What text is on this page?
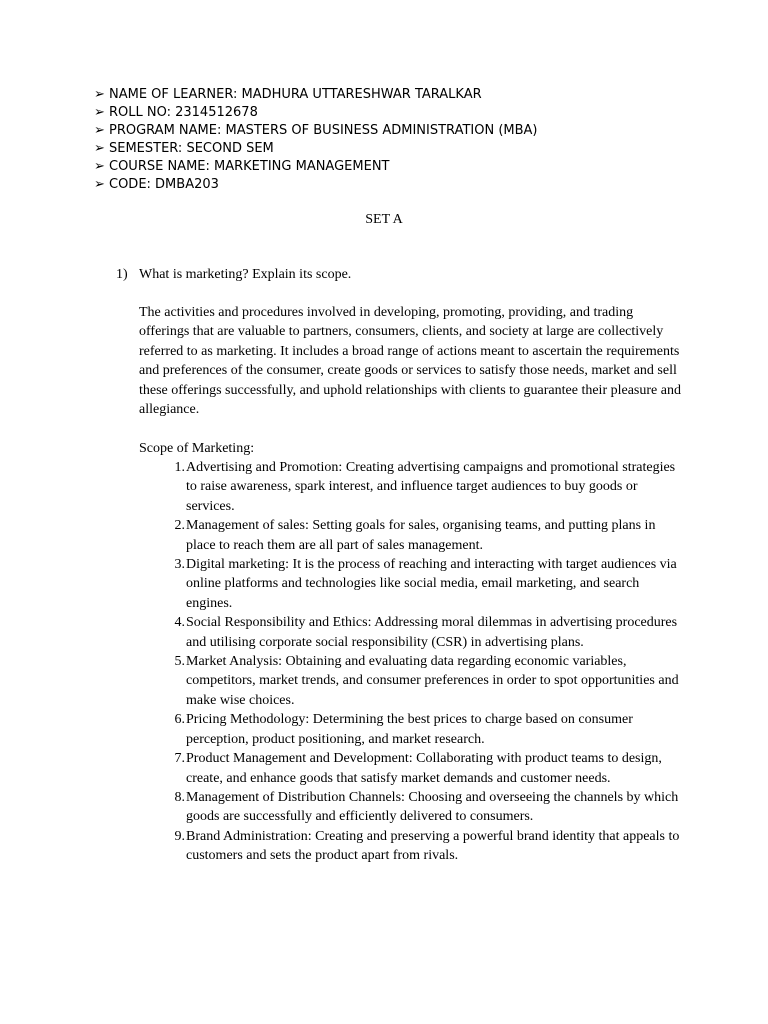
➢ NAME OF LEARNER: MADHURA UTTARESHWAR TARALKAR
➢ ROLL NO: 2314512678
➢ PROGRAM NAME: MASTERS OF BUSINESS ADMINISTRATION (MBA)
➢ SEMESTER: SECOND SEM
➢ COURSE NAME: MARKETING MANAGEMENT
➢ CODE: DMBA203
SET A
1) What is marketing? Explain its scope.

The activities and procedures involved in developing, promoting, providing, and trading offerings that are valuable to partners, consumers, clients, and society at large are collectively referred to as marketing. It includes a broad range of actions meant to ascertain the requirements and preferences of the consumer, create goods or services to satisfy those needs, market and sell these offerings successfully, and uphold relationships with clients to guarantee their pleasure and allegiance.

Scope of Marketing:

1. Advertising and Promotion: Creating advertising campaigns and promotional strategies to raise awareness, spark interest, and influence target audiences to buy goods or services.
2. Management of sales: Setting goals for sales, organising teams, and putting plans in place to reach them are all part of sales management.
3. Digital marketing: It is the process of reaching and interacting with target audiences via online platforms and technologies like social media, email marketing, and search engines.
4. Social Responsibility and Ethics: Addressing moral dilemmas in advertising procedures and utilising corporate social responsibility (CSR) in advertising plans.
5. Market Analysis: Obtaining and evaluating data regarding economic variables, competitors, market trends, and consumer preferences in order to spot opportunities and make wise choices.
6. Pricing Methodology: Determining the best prices to charge based on consumer perception, product positioning, and market research.
7. Product Management and Development: Collaborating with product teams to design, create, and enhance goods that satisfy market demands and customer needs.
8. Management of Distribution Channels: Choosing and overseeing the channels by which goods are successfully and efficiently delivered to consumers.
9. Brand Administration: Creating and preserving a powerful brand identity that appeals to customers and sets the product apart from rivals.
